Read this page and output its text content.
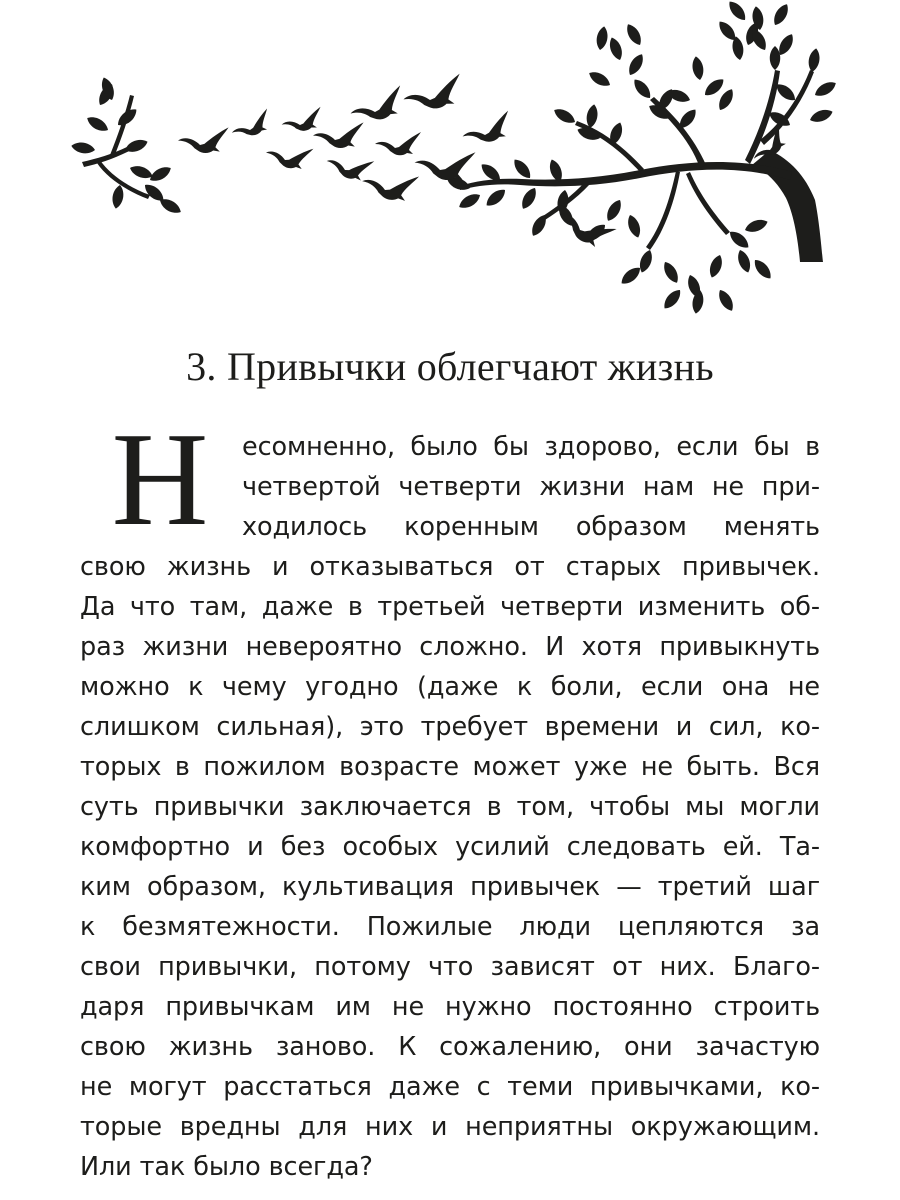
3. Привычки облегчают жизнь
Н	есомненно, было бы здорово, если бы в
четвертой четверти жизни нам не при-
ходилось коренным образом менять
свою жизнь и отказываться от старых привычек.
Да что там, даже в третьей четверти изменить об-
раз жизни невероятно сложно. И хотя привыкнуть
можно к чему угодно (даже к боли, если она не
слишком сильная), это требует времени и сил, ко-
торых в пожилом возрасте может уже не быть. Вся
суть привычки заключается в том, чтобы мы могли
комфортно и без особых усилий следовать ей. Та-
ким образом, культивация привычек — третий шаг
к безмятежности. Пожилые люди цепляются за
свои привычки, потому что зависят от них. Благо-
даря привычкам им не нужно постоянно строить
свою жизнь заново. К сожалению, они зачастую
не могут расстаться даже с теми привычками, ко-
торые вредны для них и неприятны окружающим.
Или так было всегда?
